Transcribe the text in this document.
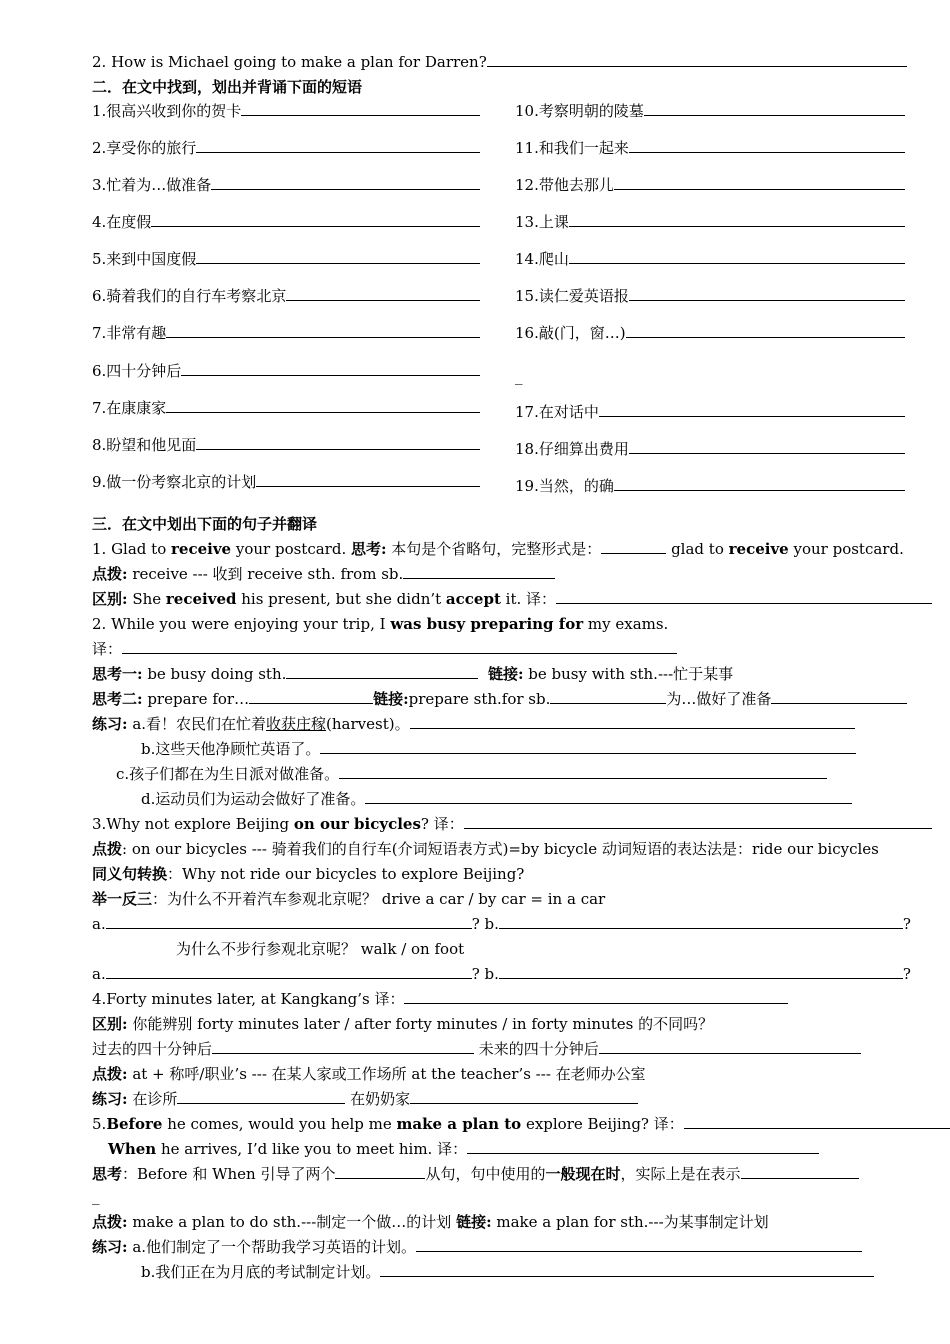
2. How is Michael going to make a plan for Darren?
二．在文中找到，划出并背诵下面的短语
1.很高兴收到你的贺卡
2.享受你的旅行
3.忙着为…做准备
4.在度假
5.来到中国度假
6.骑着我们的自行车考察北京
7.非常有趣
6.四十分钟后
7.在康康家
8.盼望和他见面
9.做一份考察北京的计划
10.考察明朝的陵墓
11.和我们一起来
12.带他去那儿
13.上课
14.爬山
15.读仁爱英语报
16.敲(门，窗…)
_
17.在对话中
18.仔细算出费用
19.当然，的确
三．在文中划出下面的句子并翻译
1. Glad to receive your postcard. 思考: 本句是个省略句，完整形式是：	glad to receive your postcard.
点拨: receive --- 收到 receive sth. from sb.
区别: She received his present, but she didn’t accept it. 译：
2. While you were enjoying your trip, I was busy preparing for my exams.
译：
思考一: be busy doing sth.	链接: be busy with sth.---忙于某事
思考二: prepare for…	链接:prepare sth.for sb.	为…做好了准备
练习: a.看！农民们在忙着收获庄稼(harvest)。
b.这些天他净顾忙英语了。
c.孩子们都在为生日派对做准备。
d.运动员们为运动会做好了准备。
3.Why not explore Beijing on our bicycles? 译：
点拨: on our bicycles --- 骑着我们的自行车(介词短语表方式)=by bicycle 动词短语的表达法是：ride our bicycles
同义句转换：Why not ride our bicycles to explore Beijing?
举一反三：为什么不开着汽车参观北京呢？ drive a car / by car = in a car
a.	? b.	?
为什么不步行参观北京呢？ walk / on foot
a.	? b.	?
4.Forty minutes later, at Kangkang’s 译：
区别: 你能辨别 forty minutes later / after forty minutes / in forty minutes 的不同吗？
过去的四十分钟后	未来的四十分钟后
点拨: at + 称呼/职业’s --- 在某人家或工作场所 at the teacher’s --- 在老师办公室
练习: 在诊所	在奶奶家
5.Before he comes, would you help me make a plan to explore Beijing? 译：
When he arrives, I’d like you to meet him. 译：
思考：Before 和 When 引导了两个	从句，句中使用的一般现在时，实际上是在表示
_
点拨: make a plan to do sth.---制定一个做…的计划 链接: make a plan for sth.---为某事制定计划
练习: a.他们制定了一个帮助我学习英语的计划。
b.我们正在为月底的考试制定计划。
